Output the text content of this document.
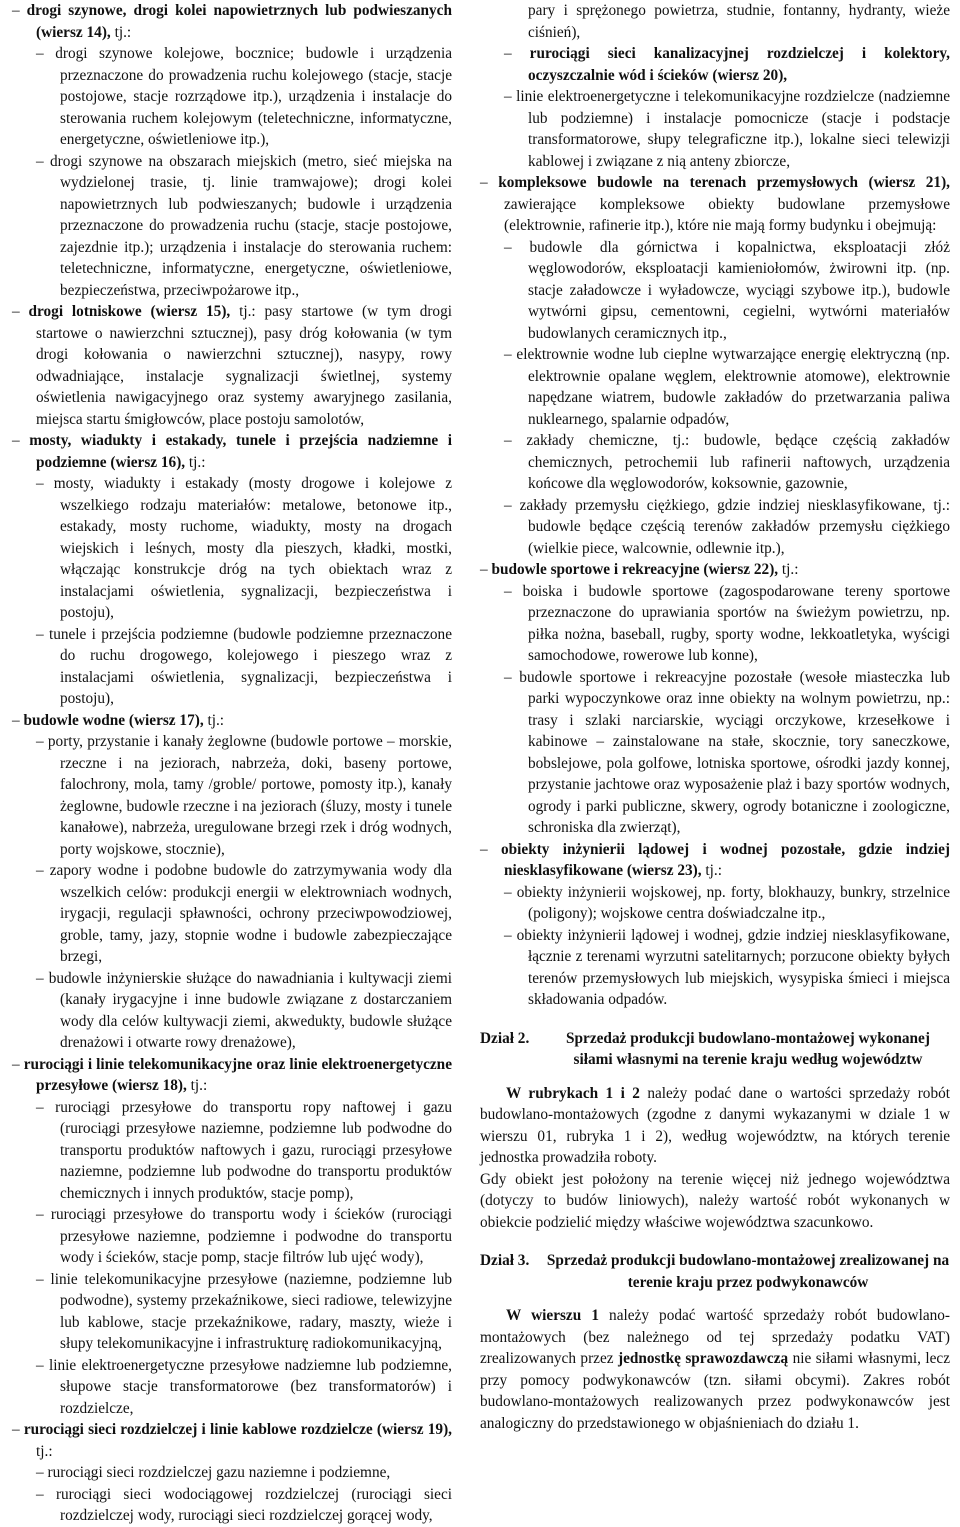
– drogi szynowe, drogi kolei napowietrznych lub podwieszanych (wiersz 14), tj.:

– drogi szynowe kolejowe, bocznice; budowle i urządzenia przeznaczone do prowadzenia ruchu kolejowego (stacje, stacje postojowe, stacje rozrządowe itp.), urządzenia i instalacje do sterowania ruchem kolejowym (teletechniczne, informatyczne, energetyczne, oświetleniowe itp.),

– drogi szynowe na obszarach miejskich (metro, sieć miejska na wydzielonej trasie, tj. linie tramwajowe); drogi kolei napowietrznych lub podwieszanych; budowle i urządzenia przeznaczone do prowadzenia ruchu (stacje, stacje postojowe, zajezdnie itp.); urządzenia i instalacje do sterowania ruchem: teletechniczne, informatyczne, energetyczne, oświetleniowe, bezpieczeństwa, przeciwpożarowe itp.,

– drogi lotniskowe (wiersz 15), tj.: pasy startowe (w tym drogi startowe o nawierzchni sztucznej), pasy dróg kołowania (w tym drogi kołowania o nawierzchni sztucznej), nasypy, rowy odwadniające, instalacje sygnalizacji świetlnej, systemy oświetlenia nawigacyjnego oraz systemy awaryjnego zasilania, miejsca startu śmigłowców, place postoju samolotów,

– mosty, wiadukty i estakady, tunele i przejścia nadziemne i podziemne (wiersz 16), tj.:

– mosty, wiadukty i estakady (mosty drogowe i kolejowe z wszelkiego rodzaju materiałów: metalowe, betonowe itp., estakady, mosty ruchome, wiadukty, mosty na drogach wiejskich i leśnych, mosty dla pieszych, kładki, mostki, włączając konstrukcje dróg na tych obiektach wraz z instalacjami oświetlenia, sygnalizacji, bezpieczeństwa i postoju),

– tunele i przejścia podziemne (budowle podziemne przeznaczone do ruchu drogowego, kolejowego i pieszego wraz z instalacjami oświetlenia, sygnalizacji, bezpieczeństwa i postoju),

– budowle wodne (wiersz 17), tj.:

– porty, przystanie i kanały żeglowne (budowle portowe – morskie, rzeczne i na jeziorach, nabrzeża, doki, baseny portowe, falochrony, mola, tamy /groble/ portowe, pomosty itp.), kanały żeglowne, budowle rzeczne i na jeziorach (śluzy, mosty i tunele kanałowe), nabrzeża, uregulowane brzegi rzek i dróg wodnych, porty wojskowe, stocznie),

– zapory wodne i podobne budowle do zatrzymywania wody dla wszelkich celów: produkcji energii w elektrowniach wodnych, irygacji, regulacji spławności, ochrony przeciwpowodziowej, groble, tamy, jazy, stopnie wodne i budowle zabezpieczające brzegi,

– budowle inżynierskie służące do nawadniania i kultywacji ziemi (kanały irygacyjne i inne budowle związane z dostarczaniem wody dla celów kultywacji ziemi, akwedukty, budowle służące drenażowi i otwarte rowy drenażowe),

– rurociągi i linie telekomunikacyjne oraz linie elektroenergetyczne przesyłowe (wiersz 18), tj.:

– rurociągi przesyłowe do transportu ropy naftowej i gazu (rurociągi przesyłowe naziemne, podziemne lub podwodne do transportu produktów naftowych i gazu, rurociągi przesyłowe naziemne, podziemne lub podwodne do transportu produktów chemicznych i innych produktów, stacje pomp),

– rurociągi przesyłowe do transportu wody i ścieków (rurociągi przesyłowe naziemne, podziemne i podwodne do transportu wody i ścieków, stacje pomp, stacje filtrów lub ujęć wody),

– linie telekomunikacyjne przesyłowe (naziemne, podziemne lub podwodne), systemy przekaźnikowe, sieci radiowe, telewizyjne lub kablowe, stacje przekaźnikowe, radary, maszty, wieże i słupy telekomunikacyjne i infrastrukturę radiokomunikacyjną,

– linie elektroenergetyczne przesyłowe nadziemne lub podziemne, słupowe stacje transformatorowe (bez transformatorów) i rozdzielcze,

– rurociągi sieci rozdzielczej i linie kablowe rozdzielcze (wiersz 19), tj.:

– rurociągi sieci rozdzielczej gazu naziemne i podziemne,

– rurociągi sieci wodociągowej rozdzielczej (rurociągi sieci rozdzielczej wody, rurociągi sieci rozdzielczej gorącej wody,

pary i sprężonego powietrza, studnie, fontanny, hydranty, wieże ciśnień),

– rurociągi sieci kanalizacyjnej rozdzielczej i kolektory, oczyszczalnie wód i ścieków (wiersz 20),

– linie elektroenergetyczne i telekomunikacyjne rozdzielcze (nadziemne lub podziemne) i instalacje pomocnicze (stacje i podstacje transformatorowe, słupy telegraficzne itp.), lokalne sieci telewizji kablowej i związane z nią anteny zbiorcze,

– kompleksowe budowle na terenach przemysłowych (wiersz 21), zawierające kompleksowe obiekty budowlane przemysłowe (elektrownie, rafinerie itp.), które nie mają formy budynku i obejmują:

– budowle dla górnictwa i kopalnictwa, eksploatacji złóż węglowodorów, eksploatacji kamieniołomów, żwirowni itp. (np. stacje załadowcze i wyładowcze, wyciągi szybowe itp.), budowle wytwórni gipsu, cementowni, cegielni, wytwórni materiałów budowlanych ceramicznych itp.,

– elektrownie wodne lub cieplne wytwarzające energię elektryczną (np. elektrownie opalane węglem, elektrownie atomowe), elektrownie napędzane wiatrem, budowle zakładów do przetwarzania paliwa nuklearnego, spalarnie odpadów,

– zakłady chemiczne, tj.: budowle, będące częścią zakładów chemicznych, petrochemii lub rafinerii naftowych, urządzenia końcowe dla węglowodorów, koksownie, gazownie,

– zakłady przemysłu ciężkiego, gdzie indziej niesklasyfikowane, tj.: budowle będące częścią terenów zakładów przemysłu ciężkiego (wielkie piece, walcownie, odlewnie itp.),

– budowle sportowe i rekreacyjne (wiersz 22), tj.:

– boiska i budowle sportowe (zagospodarowane tereny sportowe przeznaczone do uprawiania sportów na świeżym powietrzu, np. piłka nożna, baseball, rugby, sporty wodne, lekkoatletyka, wyścigi samochodowe, rowerowe lub konne),

– budowle sportowe i rekreacyjne pozostałe (wesołe miasteczka lub parki wypoczynkowe oraz inne obiekty na wolnym powietrzu, np.: trasy i szlaki narciarskie, wyciągi orczykowe, krzesełkowe i kabinowe – zainstalowane na stałe, skocznie, tory saneczkowe, bobslejowe, pola golfowe, lotniska sportowe, ośrodki jazdy konnej, przystanie jachtowe oraz wyposażenie plaż i bazy sportów wodnych, ogrody i parki publiczne, skwery, ogrody botaniczne i zoologiczne, schroniska dla zwierząt),

– obiekty inżynierii lądowej i wodnej pozostałe, gdzie indziej niesklasyfikowane (wiersz 23), tj.:

– obiekty inżynierii wojskowej, np. forty, blokhauzy, bunkry, strzelnice (poligony); wojskowe centra doświadczalne itp.,

– obiekty inżynierii lądowej i wodnej, gdzie indziej niesklasyfikowane, łącznie z terenami wyrzutni satelitarnych; porzucone obiekty byłych terenów przemysłowych lub miejskich, wysypiska śmieci i miejsca składowania odpadów.

Dział 2.	Sprzedaż produkcji budowlano-montażowej wykonanej siłami własnymi na terenie kraju według województw

W rubrykach 1 i 2 należy podać dane o wartości sprzedaży robót budowlano-montażowych (zgodne z danymi wykazanymi w dziale 1 w wierszu 01, rubryka 1 i 2), według województw, na których terenie jednostka prowadziła roboty.

Gdy obiekt jest położony na terenie więcej niż jednego województwa (dotyczy to budów liniowych), należy wartość robót wykonanych w obiekcie podzielić między właściwe województwa szacunkowo.

Dział 3.	Sprzedaż produkcji budowlano-montażowej zrealizowanej na terenie kraju przez podwykonawców

W wierszu 1 należy podać wartość sprzedaży robót budowlano-montażowych (bez należnego od tej sprzedaży podatku VAT) zrealizowanych przez jednostkę sprawozdawczą nie siłami własnymi, lecz przy pomocy podwykonawców (tzn. siłami obcymi). Zakres robót budowlano-montażowych realizowanych przez podwykonawców jest analogiczny do przedstawionego w objaśnieniach do działu 1.
